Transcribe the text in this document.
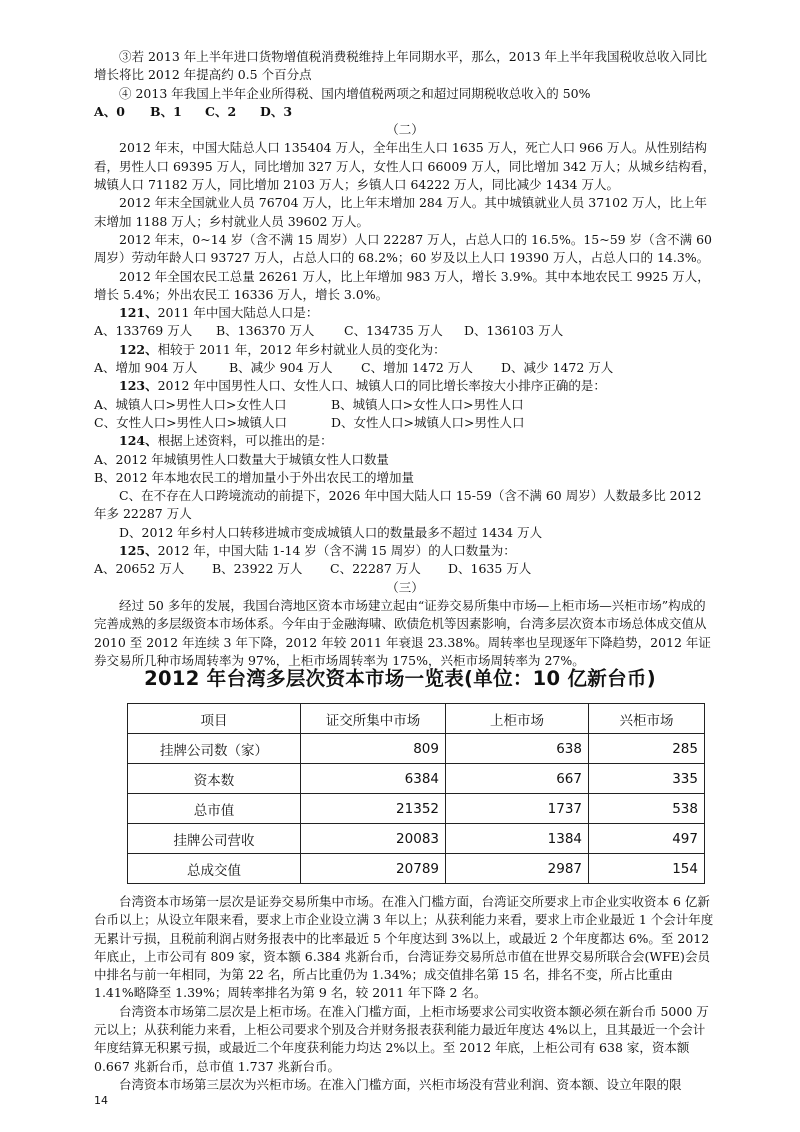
③若 2013 年上半年进口货物增值税消费税维持上年同期水平，那么，2013 年上半年我国税收总收入同比增长将比 2012 年提高约 0.5 个百分点

④ 2013 年我国上半年企业所得税、国内增值税两项之和超过同期税收总收入的 50%

A、0	B、1	C、2	D、3
（二）

2012 年末，中国大陆总人口 135404 万人，全年出生人口 1635 万人，死亡人口 966 万人。从性别结构看，男性人口 69395 万人，同比增加 327 万人，女性人口 66009 万人，同比增加 342 万人；从城乡结构看，城镇人口 71182 万人，同比增加 2103 万人；乡镇人口 64222 万人，同比减少 1434 万人。

2012 年末全国就业人员 76704 万人，比上年末增加 284 万人。其中城镇就业人员 37102 万人，比上年末增加 1188 万人；乡村就业人员 39602 万人。

2012 年末，0~14 岁（含不满 15 周岁）人口 22287 万人，占总人口的 16.5%。15~59 岁（含不满 60 周岁）劳动年龄人口 93727 万人，占总人口的 68.2%；60 岁及以上人口 19390 万人，占总人口的 14.3%。

2012 年全国农民工总量 26261 万人，比上年增加 983 万人，增长 3.9%。其中本地农民工 9925 万人，增长 5.4%；外出农民工 16336 万人，增长 3.0%。

121、2011 年中国大陆总人口是：

A、133769 万人	B、136370 万人	C、134735 万人	D、136103 万人

122、相较于 2011 年，2012 年乡村就业人员的变化为：

A、增加 904 万人	B、减少 904 万人	C、增加 1472 万人	D、减少 1472 万人

123、2012 年中国男性人口、女性人口、城镇人口的同比增长率按大小排序正确的是：

A、城镇人口>男性人口>女性人口	B、城镇人口>女性人口>男性人口
C、女性人口>男性人口>城镇人口	D、女性人口>城镇人口>男性人口

124、根据上述资料，可以推出的是：

A、2012 年城镇男性人口数量大于城镇女性人口数量

B、2012 年本地农民工的增加量小于外出农民工的增加量

C、在不存在人口跨境流动的前提下，2026 年中国大陆人口 15-59（含不满 60 周岁）人数最多比 2012 年多 22287 万人

D、2012 年乡村人口转移进城市变成城镇人口的数量最多不超过 1434 万人

125、2012 年，中国大陆 1-14 岁（含不满 15 周岁）的人口数量为：

A、20652 万人	B、23922 万人	C、22287 万人	D、1635 万人
（三）

经过 50 多年的发展，我国台湾地区资本市场建立起由“证券交易所集中市场—上柜市场—兴柜市场”构成的完善成熟的多层级资本市场体系。今年由于金融海啸、欧债危机等因素影响，台湾多层次资本市场总体成交值从 2010 至 2012 年连续 3 年下降，2012 年较 2011 年衰退 23.38%。周转率也呈现逐年下降趋势，2012 年证券交易所几种市场周转率为 97%，上柜市场周转率为 175%，兴柜市场周转率为 27%。

2012 年台湾多层次资本市场一览表(单位：10 亿新台币)
项目	证交所集中市场	上柜市场	兴柜市场
挂牌公司数（家）	809	638	285
资本数	6384	667	335
总市值	21352	1737	538
挂牌公司营收	20083	1384	497
总成交值	20789	2987	154

台湾资本市场第一层次是证券交易所集中市场。在准入门槛方面，台湾证交所要求上市企业实收资本 6 亿新台币以上；从设立年限来看，要求上市企业设立满 3 年以上；从获利能力来看，要求上市企业最近 1 个会计年度无累计亏损，且税前利润占财务报表中的比率最近 5 个年度达到 3%以上，或最近 2 个年度都达 6%。至 2012 年底止，上市公司有 809 家，资本额 6.384 兆新台币，台湾证券交易所总市值在世界交易所联合会(WFE)会员中排名与前一年相同，为第 22 名，所占比重仍为 1.34%；成交值排名第 15 名，排名不变，所占比重由 1.41%略降至 1.39%；周转率排名为第 9 名，较 2011 年下降 2 名。

台湾资本市场第二层次是上柜市场。在准入门槛方面，上柜市场要求公司实收资本额必须在新台币 5000 万元以上；从获利能力来看，上柜公司要求个别及合并财务报表获利能力最近年度达 4%以上，且其最近一个会计年度结算无积累亏损，或最近二个年度获利能力均达 2%以上。至 2012 年底，上柜公司有 638 家，资本额 0.667 兆新台币，总市值 1.737 兆新台币。

台湾资本市场第三层次为兴柜市场。在准入门槛方面，兴柜市场没有营业利润、资本额、设立年限的限

14
